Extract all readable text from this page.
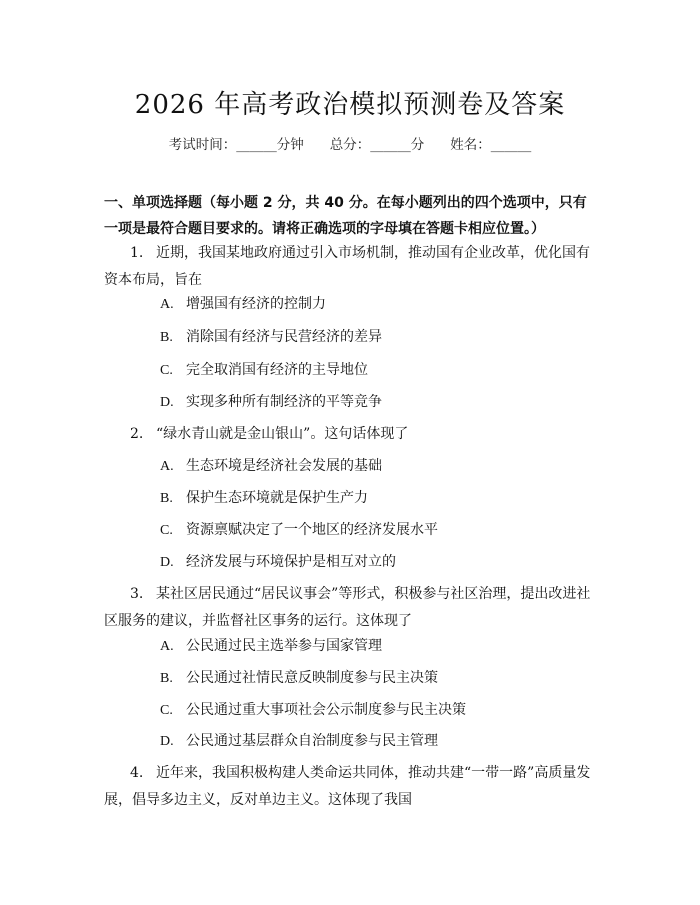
2026 年高考政治模拟预测卷及答案
考试时间：______分钟 总分：______分 姓名：______
一、单项选择题（每小题 2 分，共 40 分。在每小题列出的四个选项中，只有一项是最符合题目要求的。请将正确选项的字母填在答题卡相应位置。）
1. 近期，我国某地政府通过引入市场机制，推动国有企业改革，优化国有资本布局，旨在
A. 增强国有经济的控制力
B. 消除国有经济与民营经济的差异
C. 完全取消国有经济的主导地位
D. 实现多种所有制经济的平等竞争
2. “绿水青山就是金山银山”。这句话体现了
A. 生态环境是经济社会发展的基础
B. 保护生态环境就是保护生产力
C. 资源禀赋决定了一个地区的经济发展水平
D. 经济发展与环境保护是相互对立的
3. 某社区居民通过“居民议事会”等形式，积极参与社区治理，提出改进社区服务的建议，并监督社区事务的运行。这体现了
A. 公民通过民主选举参与国家管理
B. 公民通过社情民意反映制度参与民主决策
C. 公民通过重大事项社会公示制度参与民主决策
D. 公民通过基层群众自治制度参与民主管理
4. 近年来，我国积极构建人类命运共同体，推动共建“一带一路”高质量发展，倡导多边主义，反对单边主义。这体现了我国
